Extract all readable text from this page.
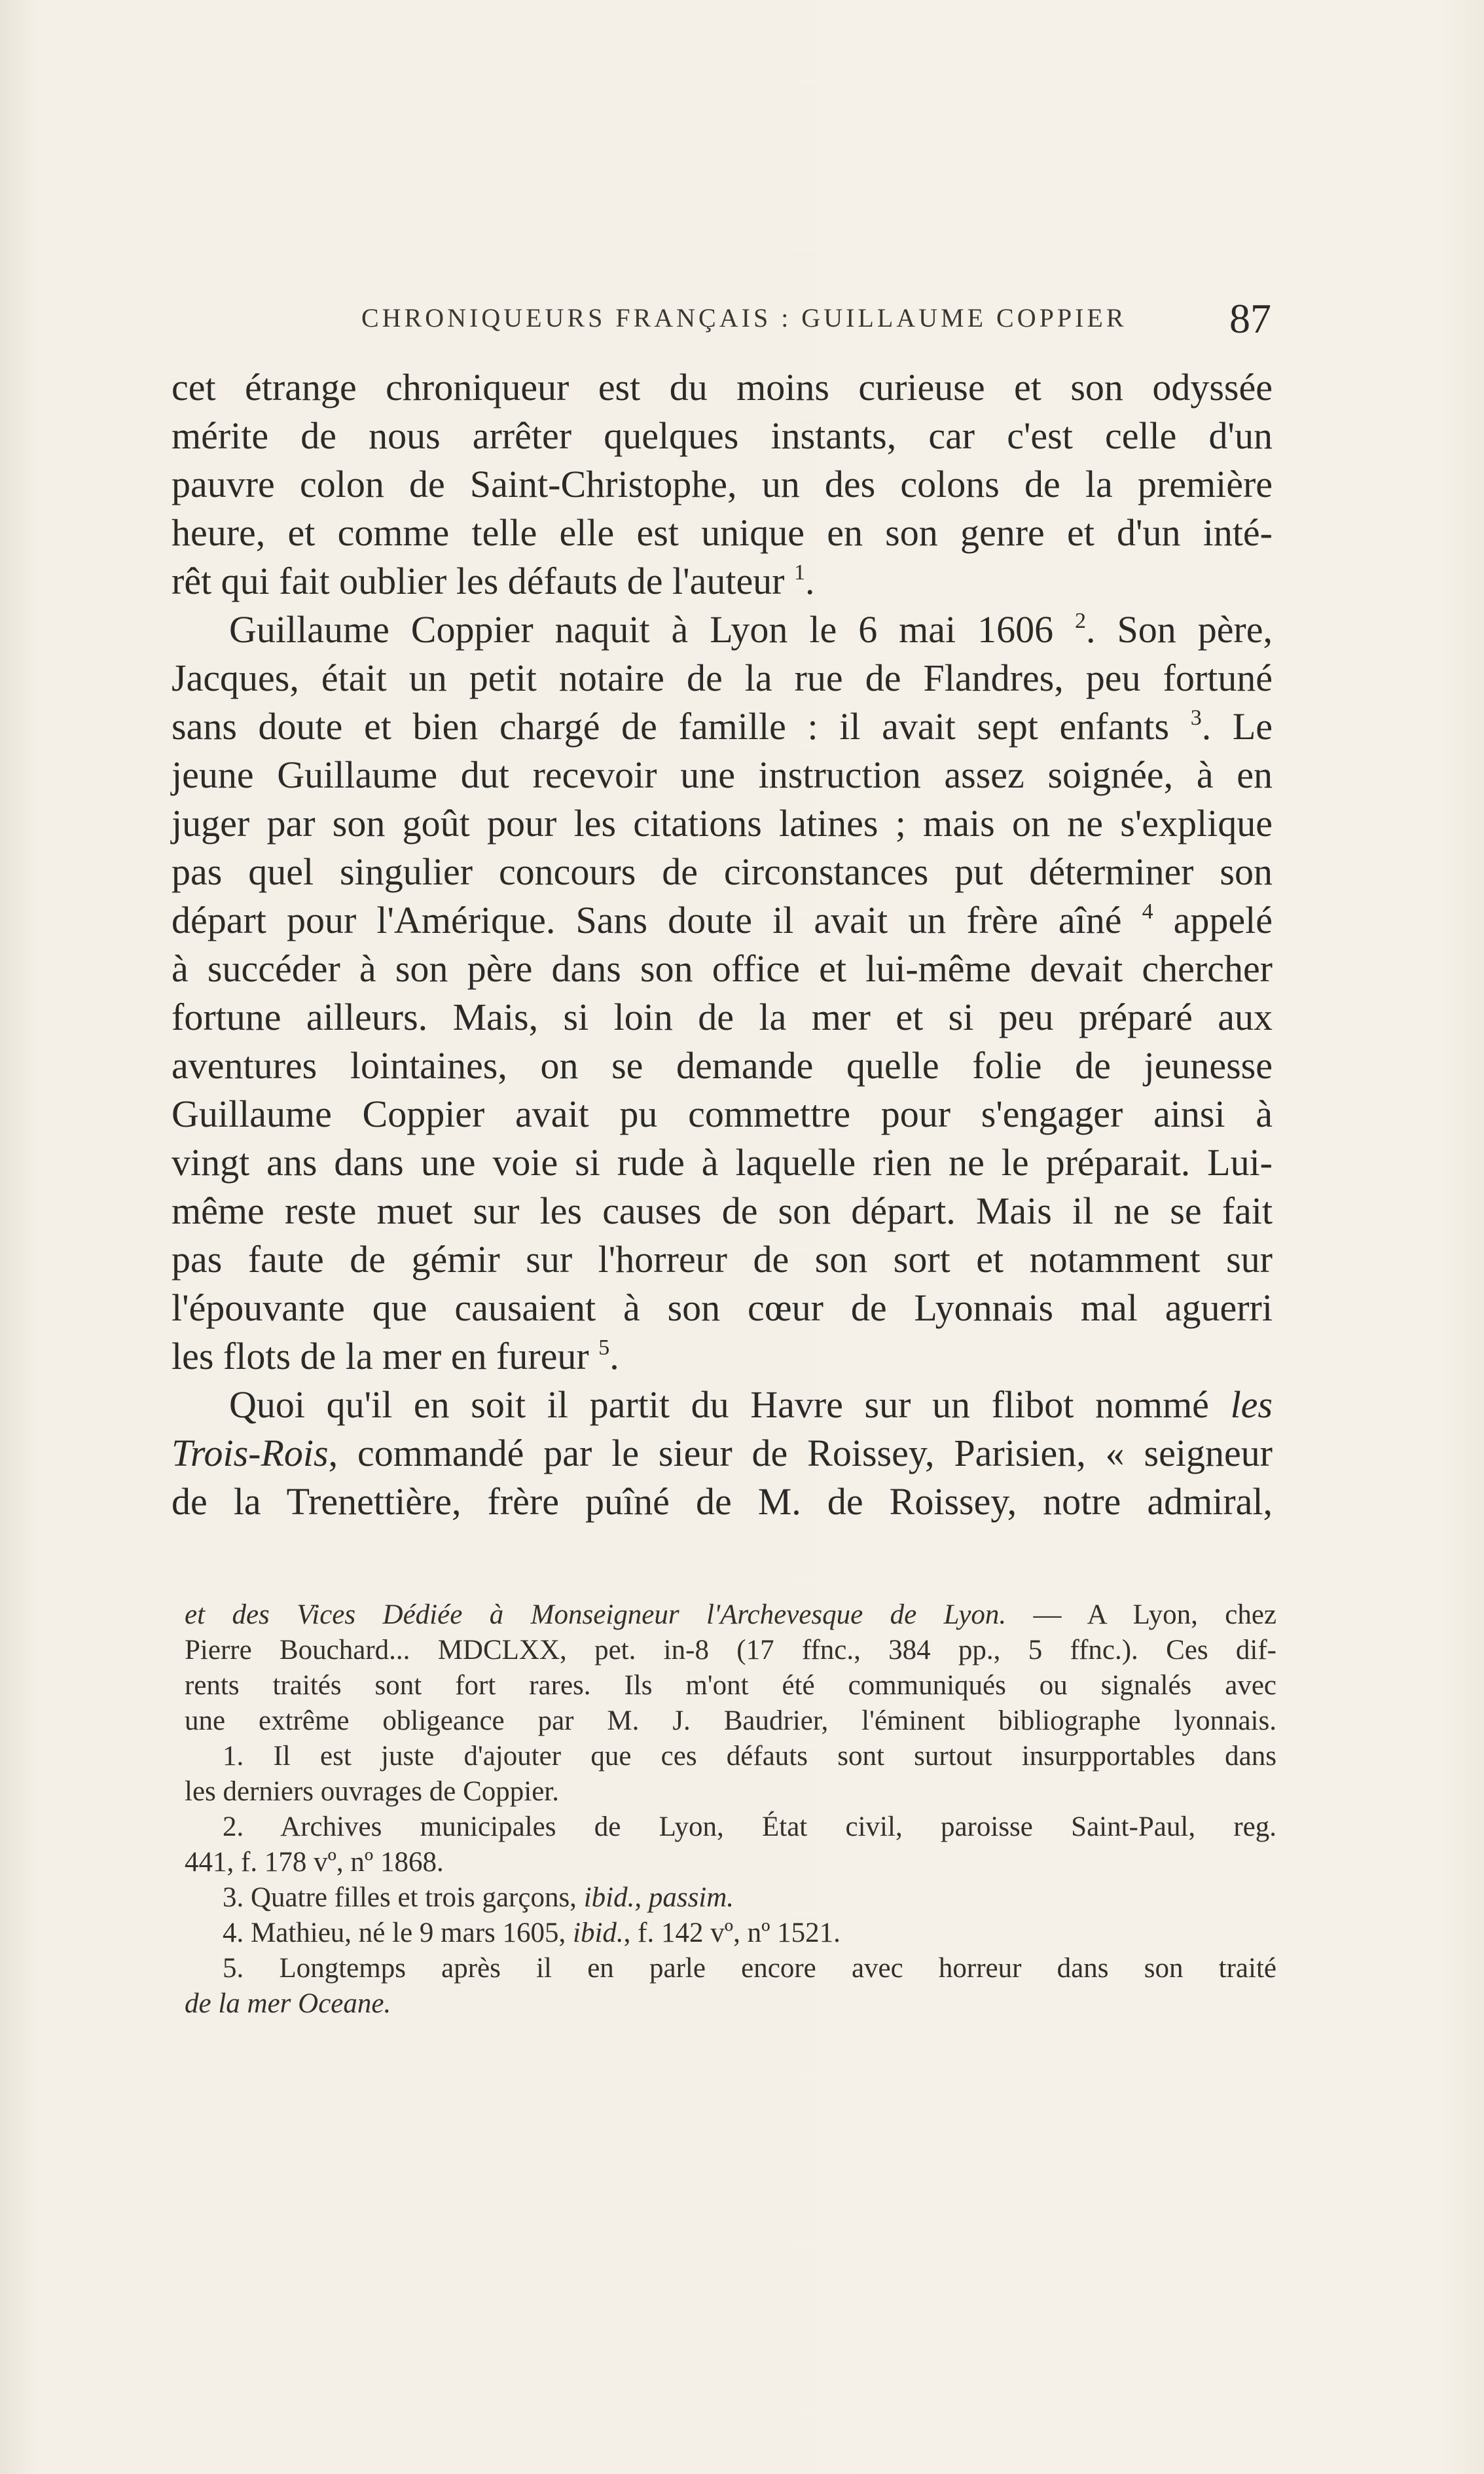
CHRONIQUEURS FRANÇAIS : GUILLAUME COPPIER 87
cet étrange chroniqueur est du moins curieuse et son odyssée
mérite de nous arrêter quelques instants, car c'est celle d'un
pauvre colon de Saint-Christophe, un des colons de la première
heure, et comme telle elle est unique en son genre et d'un inté-
rêt qui fait oublier les défauts de l'auteur $^1$.
Guillaume Coppier naquit à Lyon le 6 mai 1606 $^2$. Son père,
Jacques, était un petit notaire de la rue de Flandres, peu fortuné
sans doute et bien chargé de famille : il avait sept enfants $^3$. Le
jeune Guillaume dut recevoir une instruction assez soignée, à en
juger par son goût pour les citations latines ; mais on ne s'explique
pas quel singulier concours de circonstances put déterminer son
départ pour l'Amérique. Sans doute il avait un frère aîné $^4$ appelé
à succéder à son père dans son office et lui-même devait chercher
fortune ailleurs. Mais, si loin de la mer et si peu préparé aux
aventures lointaines, on se demande quelle folie de jeunesse
Guillaume Coppier avait pu commettre pour s'engager ainsi à
vingt ans dans une voie si rude à laquelle rien ne le préparait. Lui-
même reste muet sur les causes de son départ. Mais il ne se fait
pas faute de gémir sur l'horreur de son sort et notamment sur
l'épouvante que causaient à son cœur de Lyonnais mal aguerri
les flots de la mer en fureur $^5$.
Quoi qu'il en soit il partit du Havre sur un flibot nommé les
Trois-Rois, commandé par le sieur de Roissey, Parisien, « seigneur
de la Trenettière, frère puîné de M. de Roissey, notre admiral,
et des Vices Dédiée à Monseigneur l'Archevesque de Lyon. — A Lyon, chez
Pierre Bouchard... MDCLXX, pet. in-8 (17 ffnc., 384 pp., 5 ffnc.). Ces dif-
rents traités sont fort rares. Ils m'ont été communiqués ou signalés avec
une extrême obligeance par M. J. Baudrier, l'éminent bibliographe lyonnais.
1. Il est juste d'ajouter que ces défauts sont surtout insurpportables dans
les derniers ouvrages de Coppier.
2. Archives municipales de Lyon, État civil, paroisse Saint-Paul, reg.
441, f. 178 vº, nº 1868.
3. Quatre filles et trois garçons, ibid., passim.
4. Mathieu, né le 9 mars 1605, ibid., f. 142 vº, nº 1521.
5. Longtemps après il en parle encore avec horreur dans son traité
de la mer Oceane.
